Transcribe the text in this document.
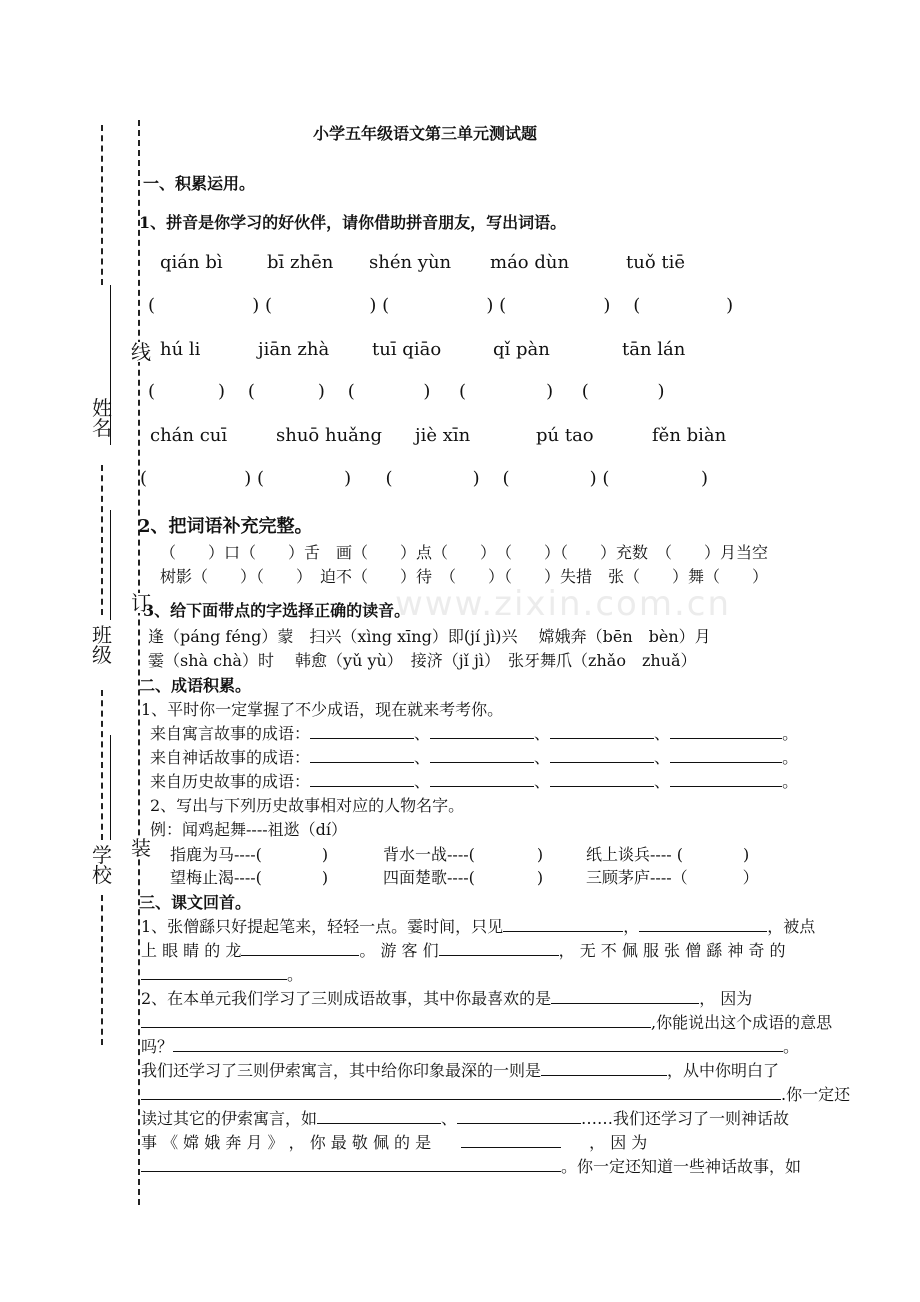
姓名
班级
学校
线
订
装
www.zixin.com.cn
小学五年级语文第三单元测试题
一、积累运用。
1、拼音是你学习的好伙伴，请你借助拼音朋友，写出词语。
qián bì bī zhēn shén yùn máo dùn	tuǒ tiē
(                 ) (                 ) (                 ) (                 )    (               )
hú li	jiān zhà tuī qiāo	qǐ pàn	tān lán
(           )    (           )    (            )     (              )     (            )
chán cuī	shuō huǎng jiè xīn	pú tao	fěn biàn
(                 ) (              )      (              )    (              ) (                )
2、把词语补充完整。
（　　）口（　　）舌　画（　　）点（　　）　（　　）（　　）充数　（　　）月当空
树影（　　）（　　）　迫不（　　）待　（　　）（　　）失措　张（　　）舞（　　）
3、给下面带点的字选择正确的读音。
逢（páng féng）蒙　扫兴（xìng xīng）即(jí jì)兴　 嫦娥奔（bēn　bèn）月
霎（shà chà）时　 韩愈（yǔ yù）　接济（jǐ jì）　张牙舞爪（zhǎo　zhuǎ）
二、成语积累。
1、平时你一定掌握了不少成语，现在就来考考你。
来自寓言故事的成语：	、	、	、	。
来自神话故事的成语：	、	、	、	。
来自历史故事的成语：	、	、	、	。
2、写出与下列历史故事相对应的人物名字。
例：闻鸡起舞----祖逖（dí）
指鹿为马----(	)	背水一战----(	)	纸上谈兵---- (	)
望梅止渴----(	)	四面楚歌----(	)	三顾茅庐----（	）
三、课文回首。
1、张僧繇只好提起笔来，轻轻一点。霎时间，只见	，	，被点
上 眼 睛 的 龙	。 游 客 们	， 无 不 佩 服 张 僧 繇 神 奇 的
。
2、在本单元我们学习了三则成语故事，其中你最喜欢的是	， 因为
,你能说出这个成语的意思
吗？	。
我们还学习了三则伊索寓言，其中给你印象最深的一则是	，从中你明白了
.你一定还
读过其它的伊索寓言，如	、	……我们还学习了一则神话故
事 《 嫦 娥 奔 月 》 ， 你 最 敬 佩 的 是	， 因 为
。你一定还知道一些神话故事，如
